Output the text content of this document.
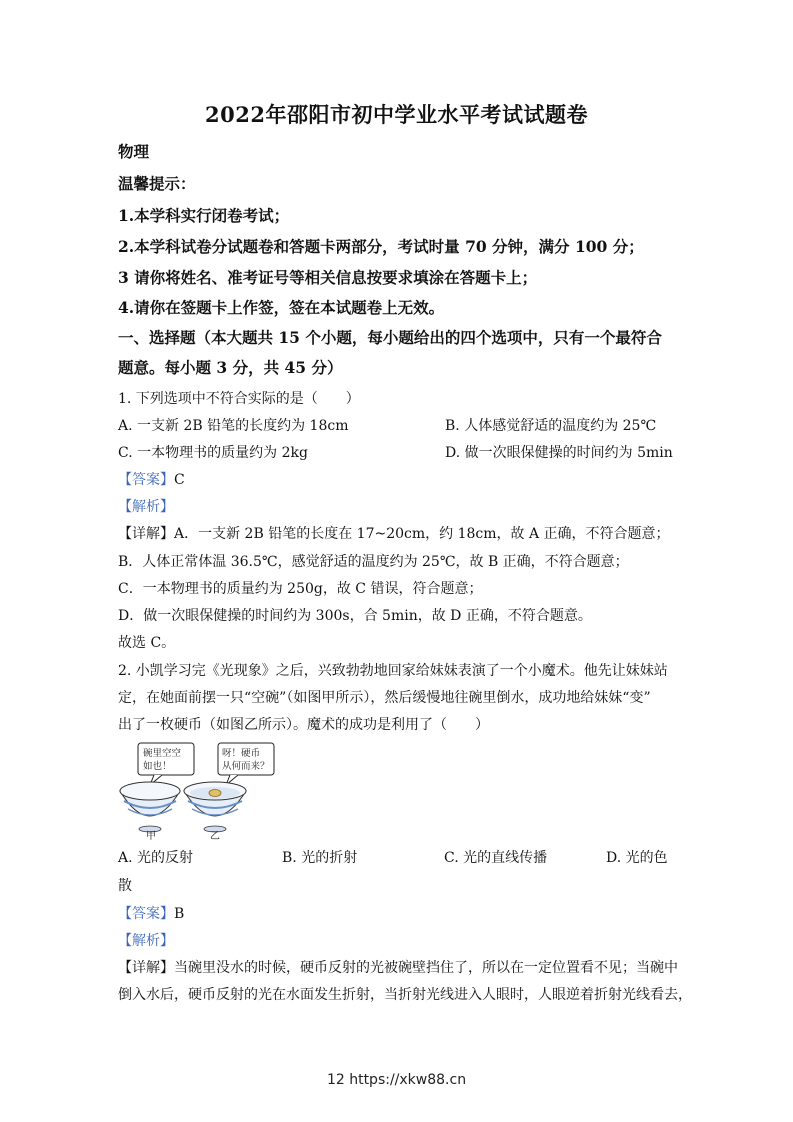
2022年邵阳市初中学业水平考试试题卷
物理
温馨提示：
1.本学科实行闭卷考试；
2.本学科试卷分试题卷和答题卡两部分，考试时量 70 分钟，满分 100 分；
3 请你将姓名、准考证号等相关信息按要求填涂在答题卡上；
4.请你在签题卡上作签，签在本试题卷上无效。
一、选择题（本大题共 15 个小题，每小题给出的四个选项中，只有一个最符合
题意。每小题 3 分，共 45 分）
1. 下列选项中不符合实际的是（　　）
A. 一支新 2B 铅笔的长度约为 18cm	B. 人体感觉舒适的温度约为 25℃
C. 一本物理书的质量约为 2kg	D. 做一次眼保健操的时间约为 5min
【答案】C
【解析】
【详解】A．一支新 2B 铅笔的长度在 17~20cm，约 18cm，故 A 正确，不符合题意；
B．人体正常体温 36.5℃，感觉舒适的温度约为 25℃，故 B 正确，不符合题意；
C．一本物理书的质量约为 250g，故 C 错误，符合题意；
D．做一次眼保健操的时间约为 300s，合 5min，故 D 正确，不符合题意。
故选 C。
2. 小凯学习完《光现象》之后，兴致勃勃地回家给妹妹表演了一个小魔术。他先让妹妹站
定，在她面前摆一只“空碗”（如图甲所示），然后缓慢地往碗里倒水，成功地给妹妹“变”
出了一枚硬币（如图乙所示）。魔术的成功是利用了（　　）
碗里空空
如也！
呀！硬币
从何而来？
甲	乙
A. 光的反射	B. 光的折射	C. 光的直线传播	D. 光的色
散
【答案】B
【解析】
【详解】当碗里没水的时候，硬币反射的光被碗壁挡住了，所以在一定位置看不见；当碗中
倒入水后，硬币反射的光在水面发生折射，当折射光线进入人眼时，人眼逆着折射光线看去，
12 https://xkw88.cn
